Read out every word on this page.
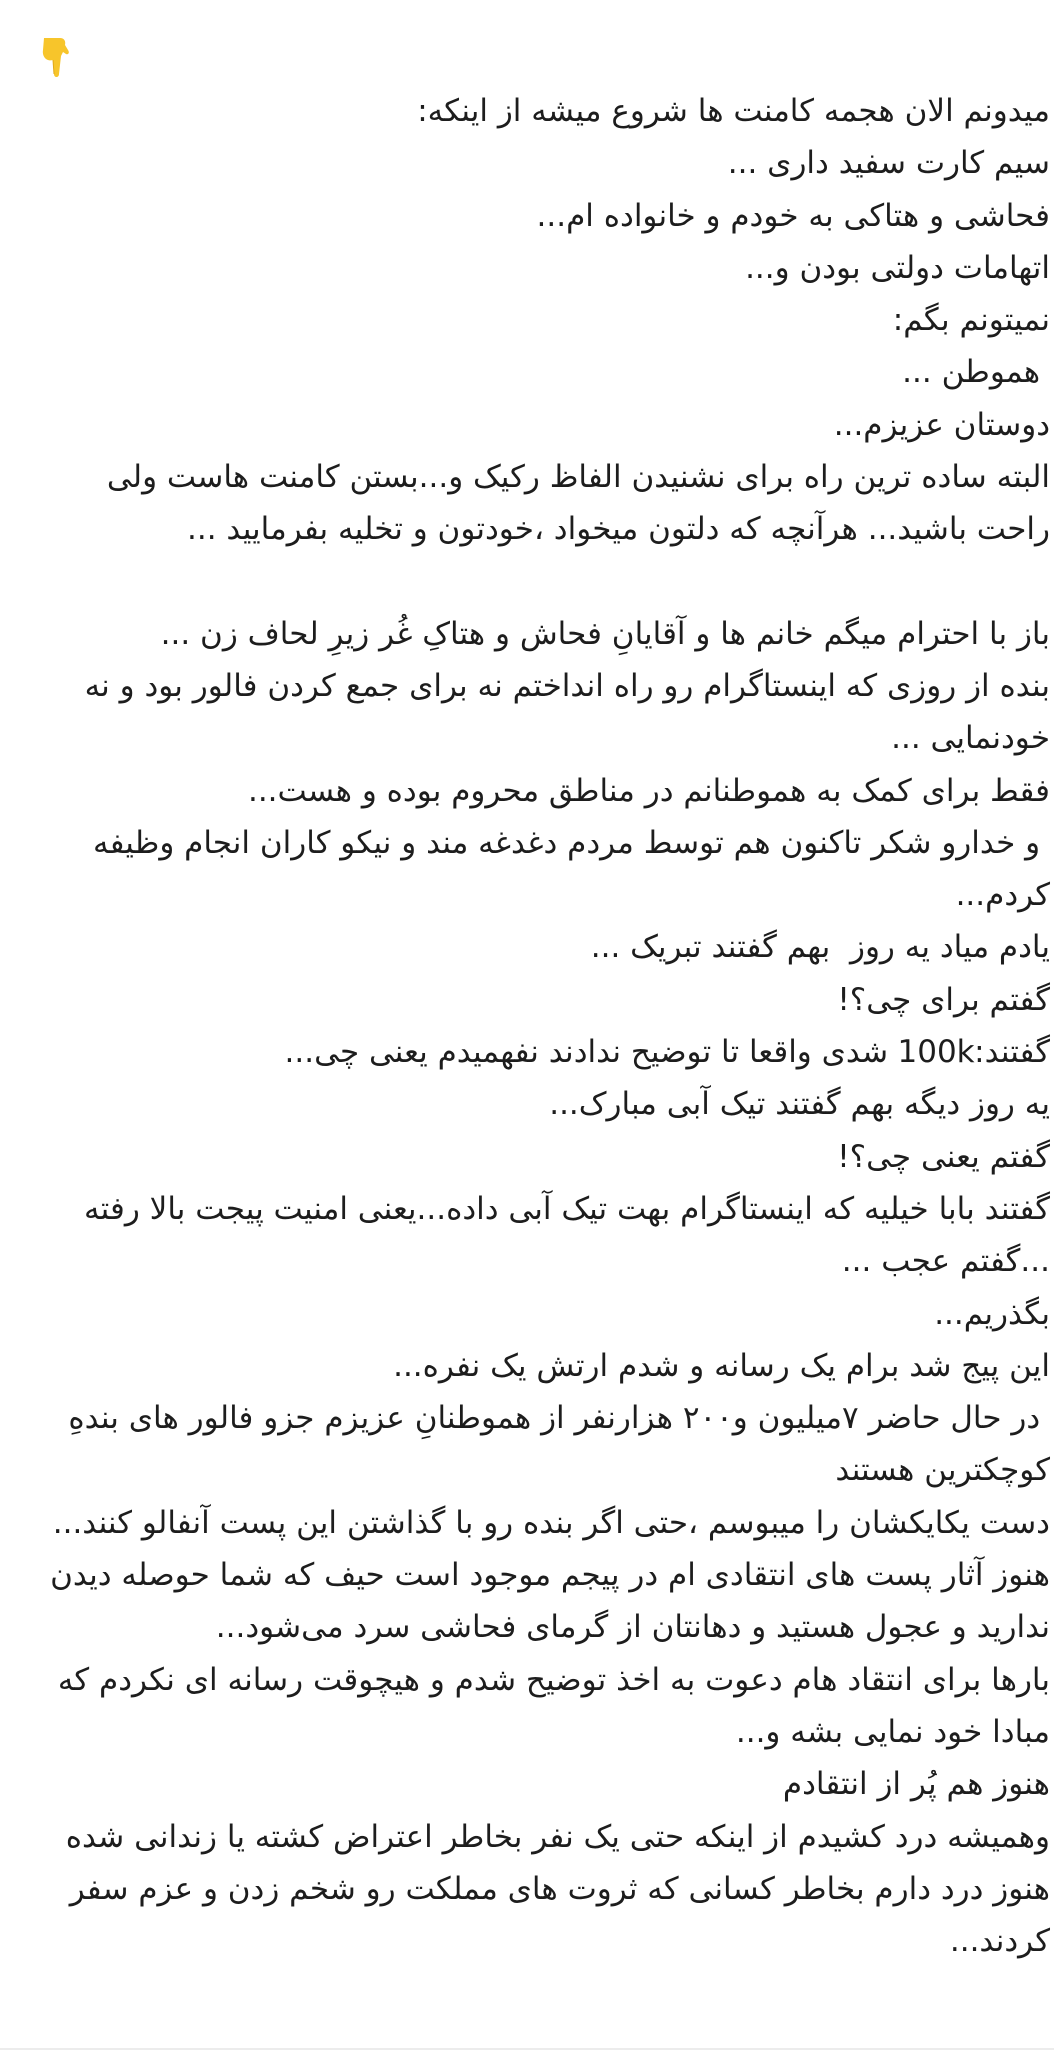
میدونم الان هجمه کامنت ها شروع میشه از اینکه:
سیم کارت سفید داری ...
فحاشی و هتاکی به خودم و خانواده ام...
اتهامات دولتی بودن و...
نمیتونم بگم:
هموطن ...
دوستان عزیزم...
البته ساده ترین راه برای نشنیدن الفاظ رکیک و...بستن کامنت هاست ولی راحت باشید... هرآنچه که دلتون میخواد ،خودتون و تخلیه بفرمایید ...
باز با احترام میگم خانم ها و آقایانِ فحاش و هتاکِ غُر زیرِ لحاف زن ...
بنده از روزی که اینستاگرام رو راه انداختم نه برای جمع کردن فالور بود و نه خودنمایی ...
فقط برای کمک به هموطنانم در مناطق محروم بوده و هست...
و خدارو شکر تاکنون هم توسط مردم دغدغه مند و نیکو کاران انجام وظیفه کردم...
یادم میاد یه روز  بهم گفتند تبریک ...
گفتم برای چی؟!
گفتند:100k شدی واقعا تا توضیح ندادند نفهمیدم یعنی چی...
یه روز دیگه بهم گفتند تیک آبی مبارک...
گفتم یعنی چی؟!
گفتند بابا خیلیه که اینستاگرام بهت تیک آبی داده...یعنی امنیت پیجت بالا رفته ...گفتم عجب ...
بگذریم...
این پیج شد برام یک رسانه و شدم ارتش یک نفره...
در حال حاضر ۷میلیون و۲۰۰ هزارنفر از هموطنانِ عزیزم جزو فالور های بندهِ کوچکترین هستند
دست یکایکشان را میبوسم ،حتی اگر بنده رو با گذاشتن این پست آنفالو کنند...
هنوز آثار پست های انتقادی ام در پیجم موجود است حیف که شما حوصله دیدن ندارید و عجول هستید و دهانتان از گرمای فحاشی سرد می‌شود...
بارها برای انتقاد هام دعوت به اخذ توضیح شدم و هیچوقت رسانه ای نکردم که مبادا خود نمایی بشه و...
هنوز هم پُر از انتقادم
وهمیشه درد کشیدم از اینکه حتی یک نفر بخاطر اعتراض کشته یا زندانی شده
هنوز درد دارم بخاطر کسانی که ثروت های مملکت رو شخم زدن و عزم سفر کردند...
